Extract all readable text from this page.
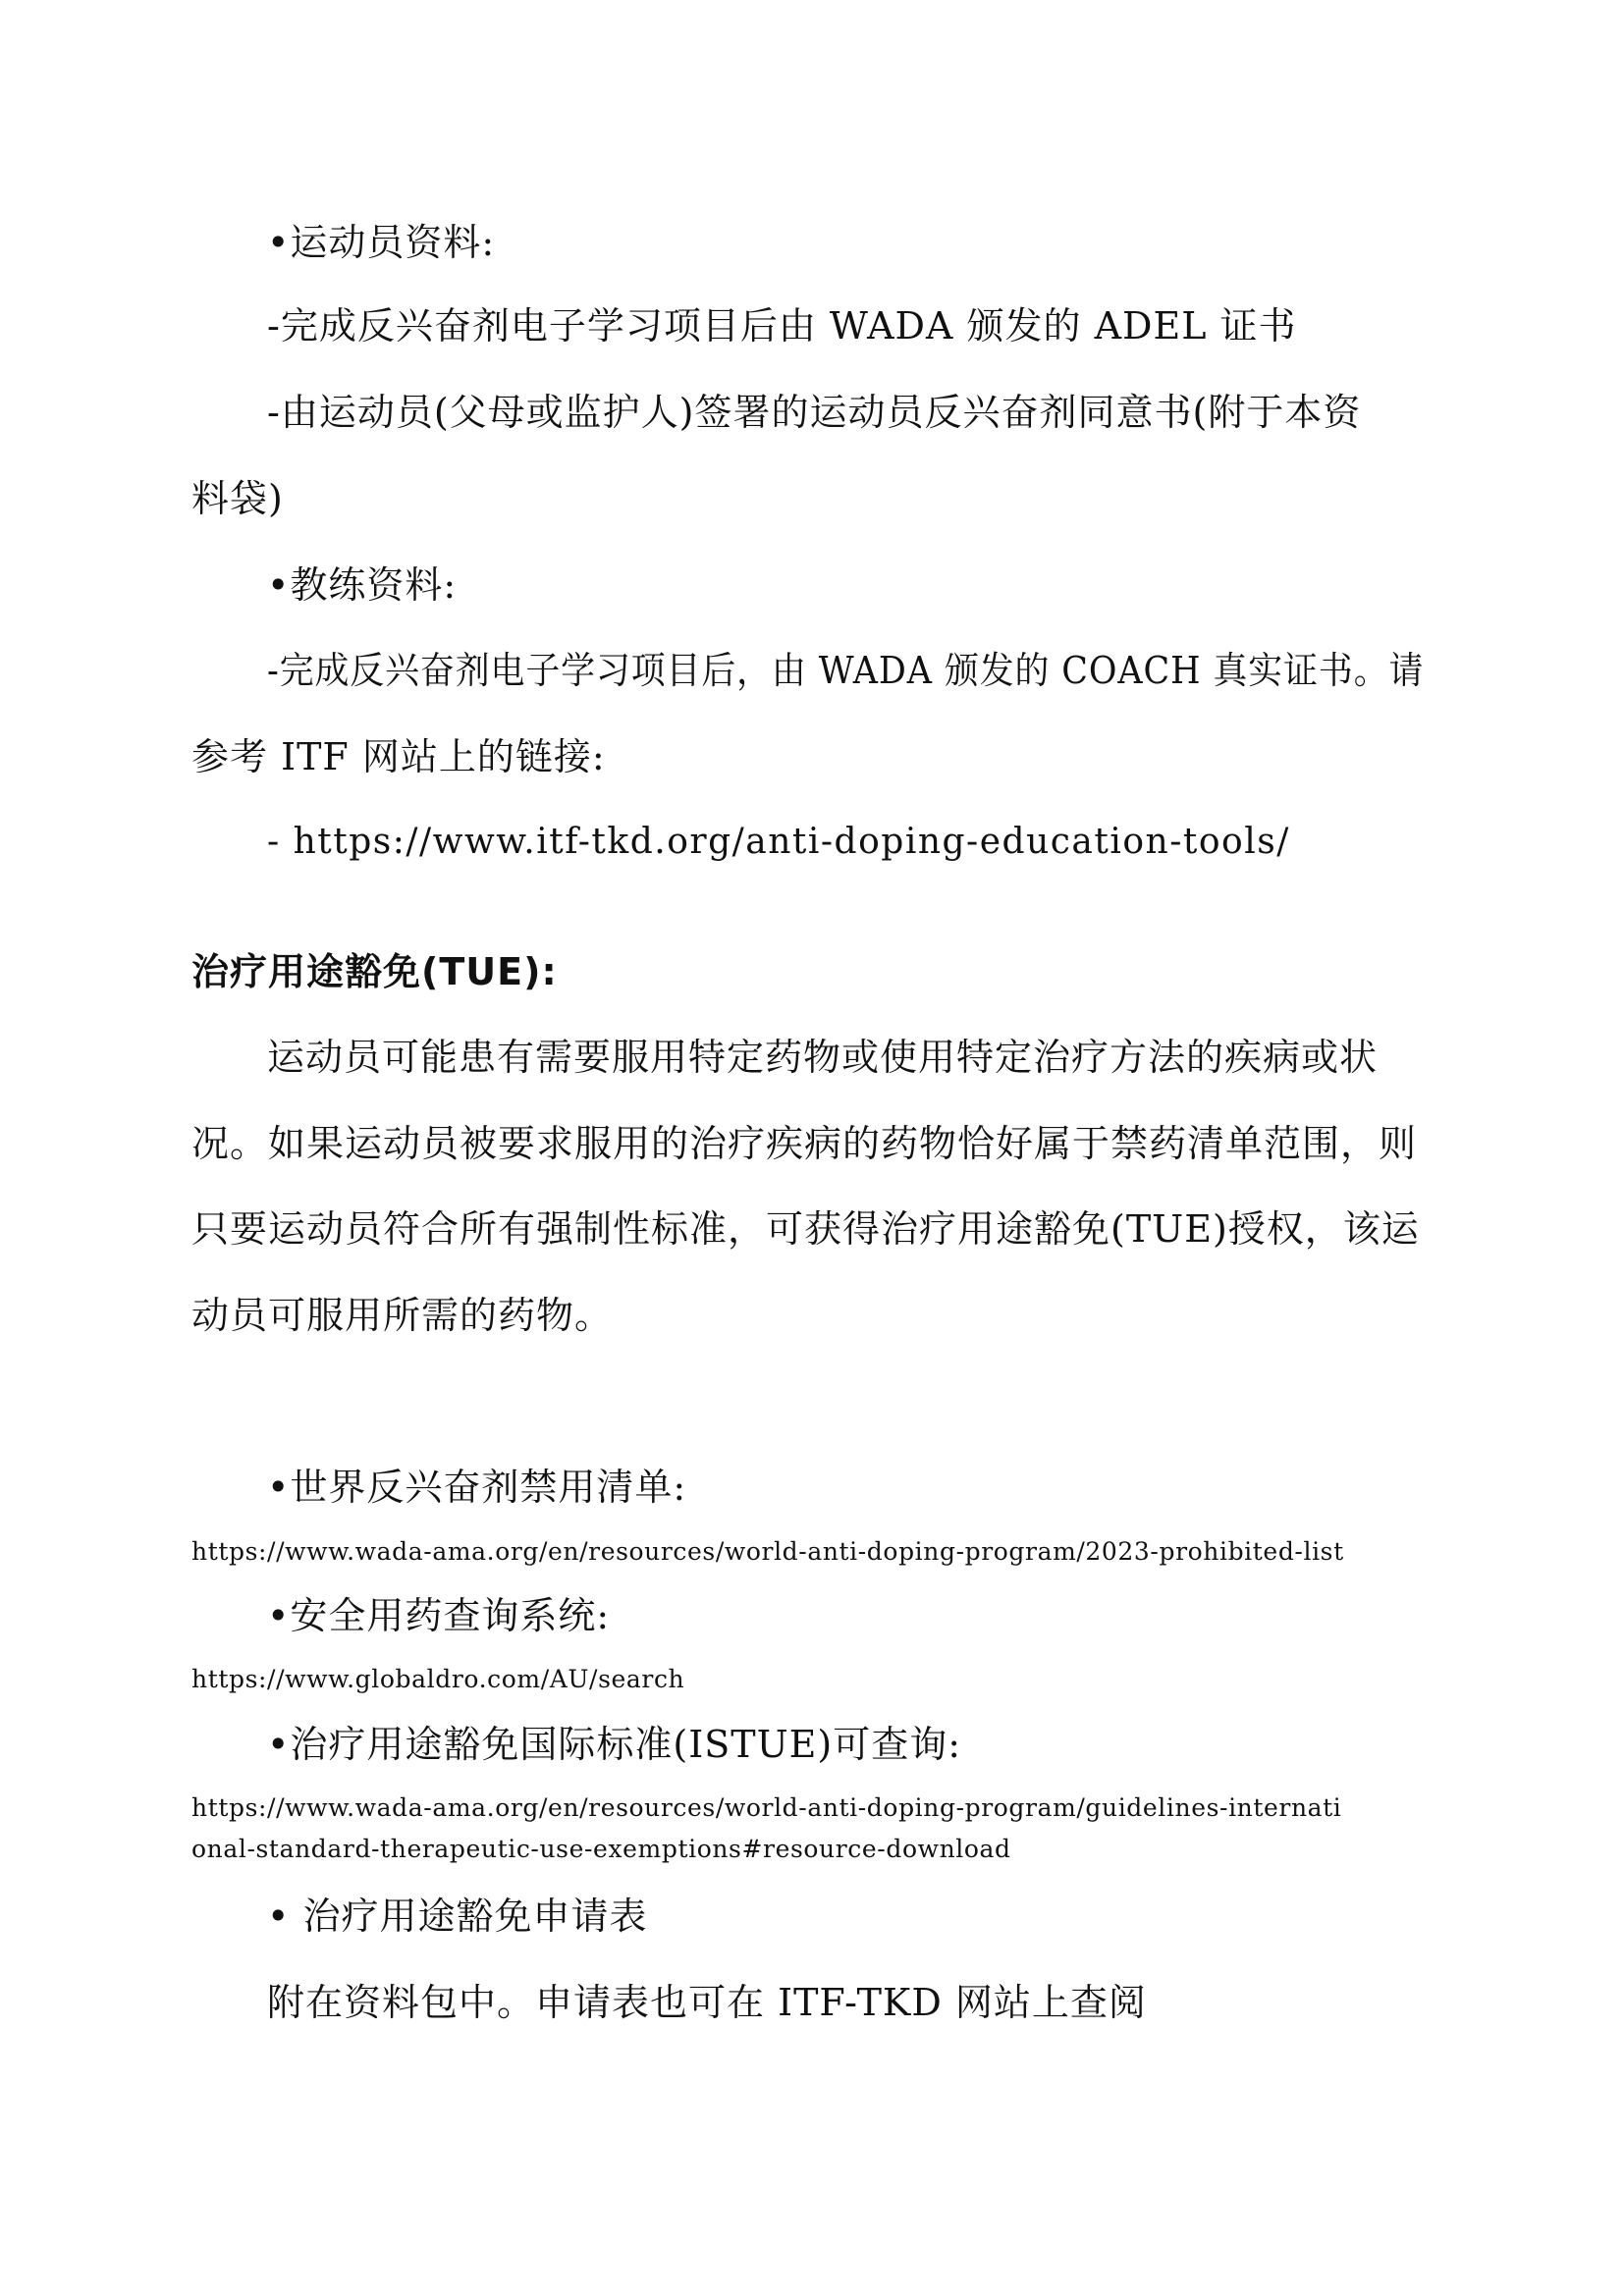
•运动员资料:
-完成反兴奋剂电子学习项目后由 WADA 颁发的 ADEL 证书
-由运动员(父母或监护人)签署的运动员反兴奋剂同意书(附于本资
料袋)
•教练资料:
-完成反兴奋剂电子学习项目后，由 WADA 颁发的 COACH 真实证书。请
参考 ITF 网站上的链接:
- https://www.itf-tkd.org/anti-doping-education-tools/
治疗用途豁免(TUE):
运动员可能患有需要服用特定药物或使用特定治疗方法的疾病或状
况。如果运动员被要求服用的治疗疾病的药物恰好属于禁药清单范围，则
只要运动员符合所有强制性标准，可获得治疗用途豁免(TUE)授权，该运
动员可服用所需的药物。
•世界反兴奋剂禁用清单:
https://www.wada-ama.org/en/resources/world-anti-doping-program/2023-prohibited-list
•安全用药查询系统:
https://www.globaldro.com/AU/search
•治疗用途豁免国际标准(ISTUE)可查询:
https://www.wada-ama.org/en/resources/world-anti-doping-program/guidelines-internati
onal-standard-therapeutic-use-exemptions#resource-download
• 治疗用途豁免申请表
附在资料包中。申请表也可在 ITF-TKD 网站上查阅
